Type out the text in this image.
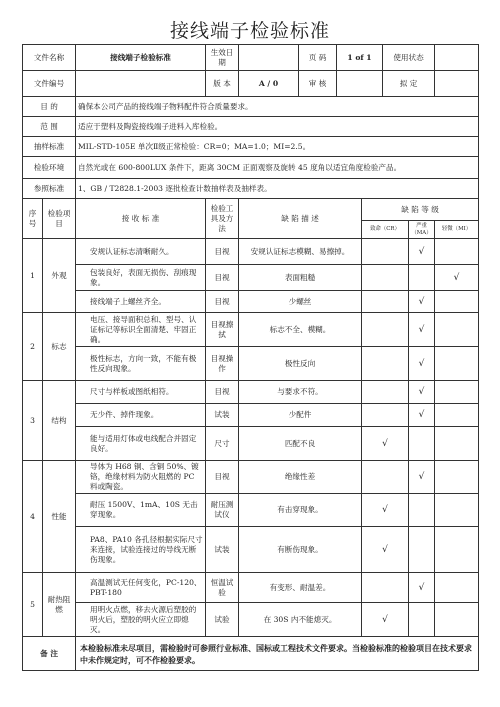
接线端子检验标准
文件名称		接线端子检验标准	生效日期		页 码	1 of 1		使用状态		
文件编号			版 本	A / 0	审 核			拟 定		
目 的		确保本公司产品的接线端子物料配件符合质量要求。								
范 围		适应于塑料及陶瓷接线端子进料入库检验。								
抽样标准		MIL-STD-105E 单次Ⅱ级正常检验：CR=0；MA=1.0；MI=2.5。								
检验环境		自然光或在 600-800LUX 条件下，距离 30CM 正面观察及旋转 45 度角以适宜角度检验产品。								
参照标准		1、GB / T2828.1-2003 逐批检查计数抽样表及抽样表。								
序号	检验项目	接 收 标 准	检验工具及方法	缺 陷 描 述			缺 陷 等 级			
							致命（CR）		严重（MA）	轻微（MI）
1	外观	安规认证标志清晰耐久。	目视	安规认证标志模糊、易擦掉。					√	
		包装良好，表面无损伤、刮痕现象。	目视	表面粗糙						√
		接线端子上螺丝齐全。	目视	少螺丝					√	
2	标志	电压、接导面积总和、型号、认证标记等标识全面清楚、牢固正确。	目视擦拭	标志不全、模糊。					√	
		极性标志，方向一致，不能有极性反向现象。	目视操作	极性反向					√	
3	结构	尺寸与样板或图纸相符。	目视	与要求不符。					√	
		无少件、掉件现象。	试装	少配件					√	
		能与适用灯体或电线配合并固定良好。	尺寸	匹配不良			√			
4	性能	导体为 H68 铜、含铜 50%、镀铬，绝缘材料为防火阻燃的 PC 料或陶瓷。	目视	绝缘性差					√	
		耐压 1500V、1mA、10S 无击穿现象。	耐压测试仪	有击穿现象。			√			
		PA8、PA10 各孔径根据实际尺寸来连接，试验连接过的导线无断伤现象。	试装	有断伤现象。			√			
5	耐热阻燃	高温测试无任何变化，PC-120、PBT-180	恒温试验	有变形、耐温差。					√	
		用明火点燃，移去火源后塑胶的明火后，塑胶的明火应立即熄灭。	试验	在 30S 内不能熄灭。			√			
备 注		本检验标准未尽项目，需检验时可参照行业标准、国标或工程技术文件要求。当检验标准的检验项目在技术要求中未作规定时，可不作检验要求。								
